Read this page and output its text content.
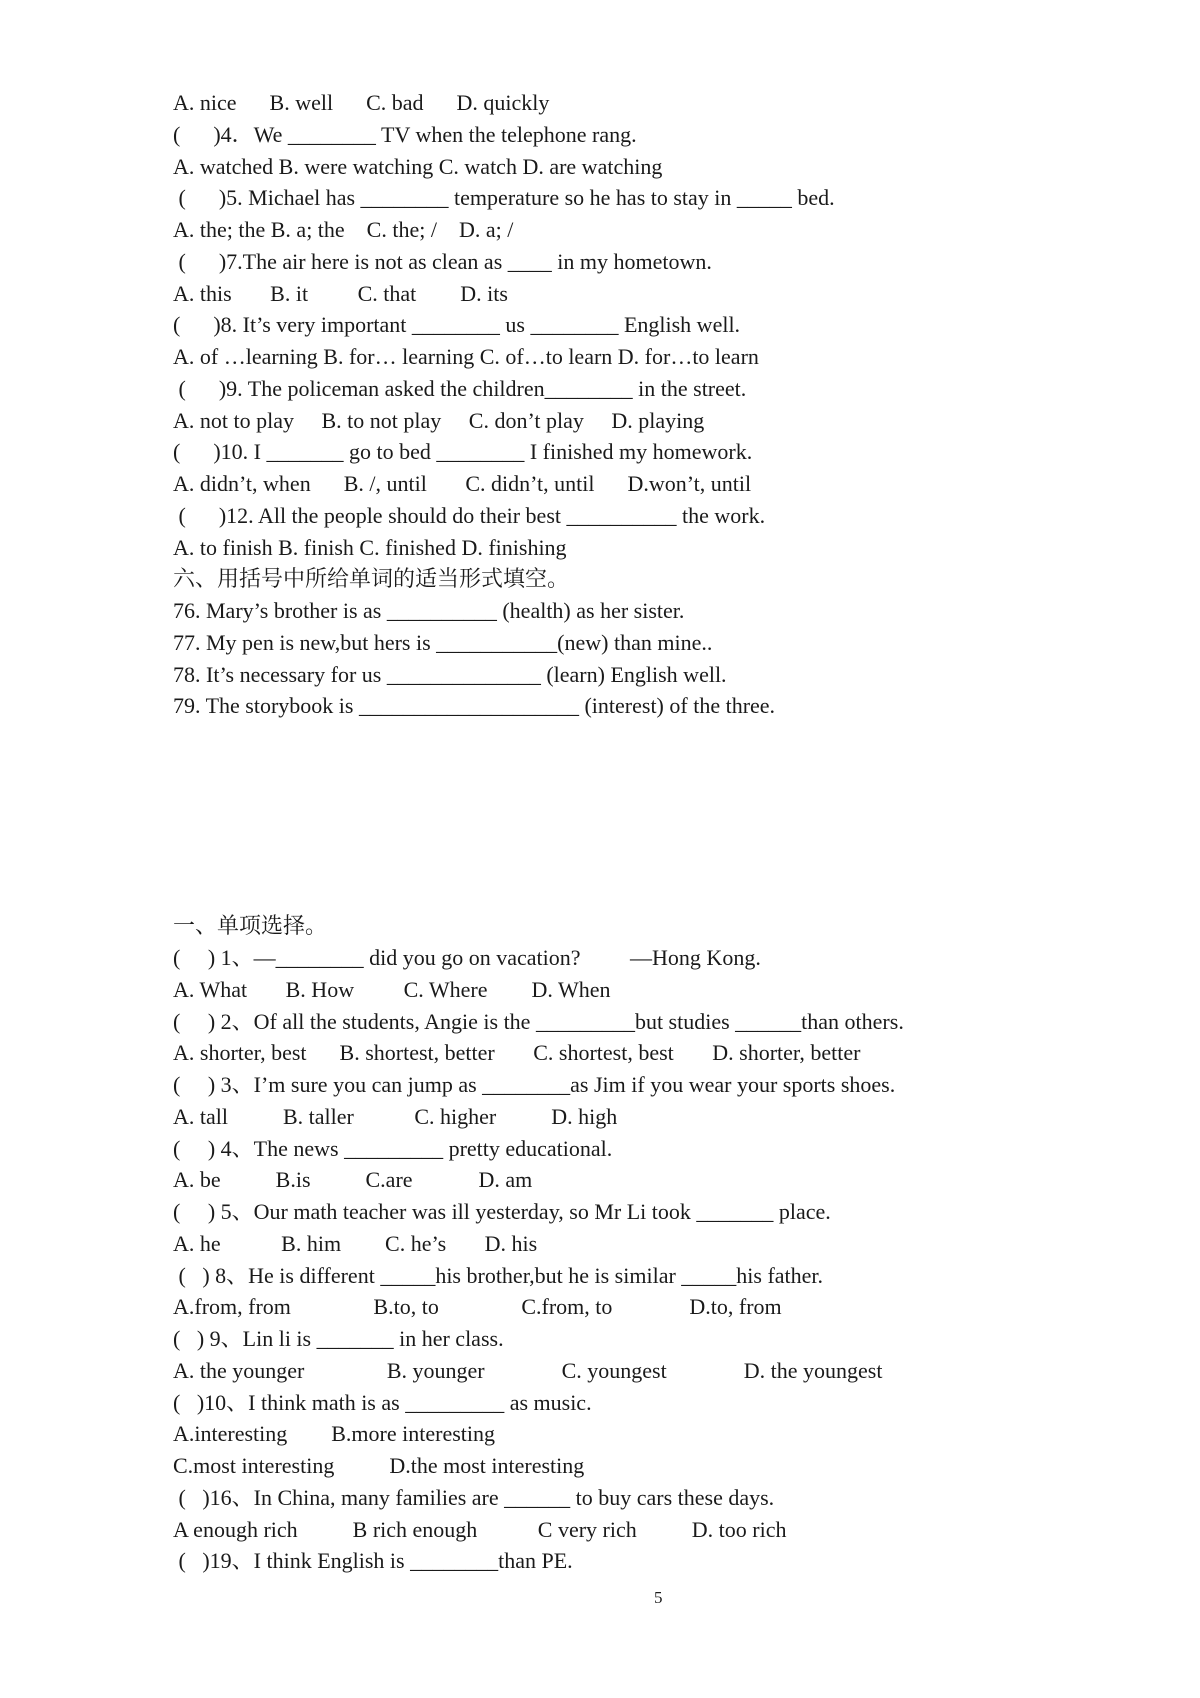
A. nice      B. well      C. bad      D. quickly
(      )4．We ________ TV when the telephone rang.
A. watched B. were watching C. watch D. are watching
(      )5. Michael has ________ temperature so he has to stay in _____ bed.
A. the; the B. a; the    C. the; /    D. a; /
(      )7.The air here is not as clean as ____ in my hometown.
A. this       B. it         C. that        D. its
(      )8. It’s very important ________ us ________ English well.
A. of …learning B. for… learning C. of…to learn D. for…to learn
(      )9. The policeman asked the children________ in the street.
A. not to play     B. to not play     C. don’t play     D. playing
(      )10. I _______ go to bed ________ I finished my homework.
A. didn’t, when      B. /, until       C. didn’t, until      D.won’t, until
(      )12. All the people should do their best __________ the work.
A. to finish B. finish C. finished D. finishing
六、用括号中所给单词的适当形式填空。
76. Mary’s brother is as __________ (health) as her sister.
77. My pen is new,but hers is ___________(new) than mine..
78. It’s necessary for us ______________ (learn) English well.
79. The storybook is ____________________ (interest) of the three.
一、单项选择。
(     ) 1、—________ did you go on vacation?         —Hong Kong.
A. What       B. How         C. Where        D. When
(     ) 2、Of all the students, Angie is the _________but studies ______than others.
A. shorter, best      B. shortest, better       C. shortest, best       D. shorter, better
(     ) 3、I’m sure you can jump as ________as Jim if you wear your sports shoes.
A. tall          B. taller           C. higher          D. high
(     ) 4、The news _________ pretty educational.
A. be          B.is          C.are            D. am
(     ) 5、Our math teacher was ill yesterday, so Mr Li took _______ place.
A. he           B. him        C. he’s       D. his
(   ) 8、He is different _____his brother,but he is similar _____his father.
A.from, from               B.to, to               C.from, to              D.to, from
(   ) 9、Lin li is _______ in her class.
A. the younger               B. younger              C. youngest              D. the youngest
(   )10、I think math is as _________ as music.
A.interesting        B.more interesting
C.most interesting          D.the most interesting
(   )16、In China, many families are ______ to buy cars these days.
A enough rich          B rich enough           C very rich          D. too rich
(   )19、I think English is ________than PE.
5
